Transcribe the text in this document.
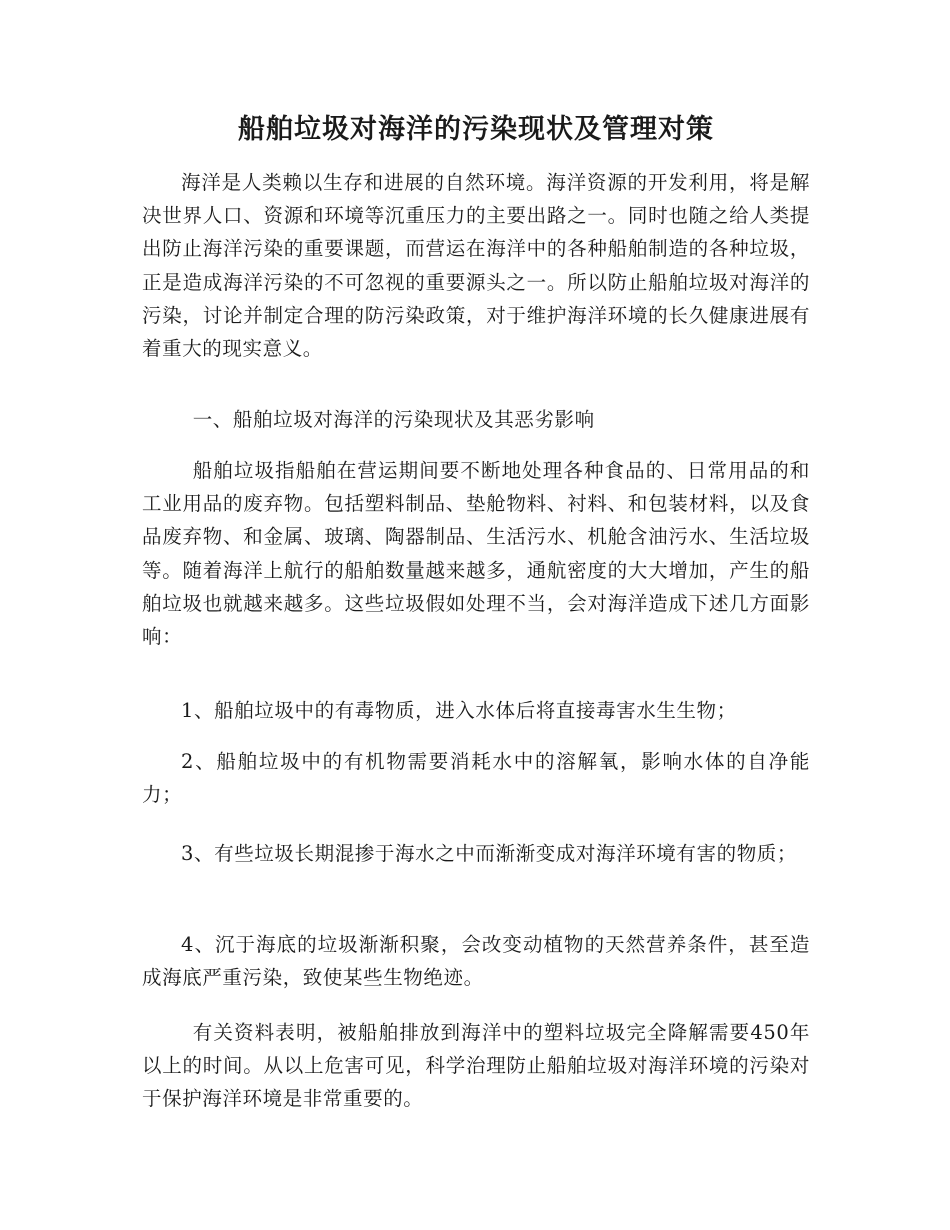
船舶垃圾对海洋的污染现状及管理对策

海洋是人类赖以生存和进展的自然环境。海洋资源的开发利用，将是解决世界人口、资源和环境等沉重压力的主要出路之一。同时也随之给人类提出防止海洋污染的重要课题，而营运在海洋中的各种船舶制造的各种垃圾，正是造成海洋污染的不可忽视的重要源头之一。所以防止船舶垃圾对海洋的污染，讨论并制定合理的防污染政策，对于维护海洋环境的长久健康进展有着重大的现实意义。

一、船舶垃圾对海洋的污染现状及其恶劣影响

船舶垃圾指船舶在营运期间要不断地处理各种食品的、日常用品的和工业用品的废弃物。包括塑料制品、垫舱物料、衬料、和包装材料，以及食品废弃物、和金属、玻璃、陶器制品、生活污水、机舱含油污水、生活垃圾等。随着海洋上航行的船舶数量越来越多，通航密度的大大增加，产生的船舶垃圾也就越来越多。这些垃圾假如处理不当，会对海洋造成下述几方面影响：

1、船舶垃圾中的有毒物质，进入水体后将直接毒害水生生物；

2、船舶垃圾中的有机物需要消耗水中的溶解氧，影响水体的自净能力；

3、有些垃圾长期混掺于海水之中而渐渐变成对海洋环境有害的物质；

4、沉于海底的垃圾渐渐积聚，会改变动植物的天然营养条件，甚至造成海底严重污染，致使某些生物绝迹。

有关资料表明，被船舶排放到海洋中的塑料垃圾完全降解需要450年以上的时间。从以上危害可见，科学治理防止船舶垃圾对海洋环境的污染对于保护海洋环境是非常重要的。
